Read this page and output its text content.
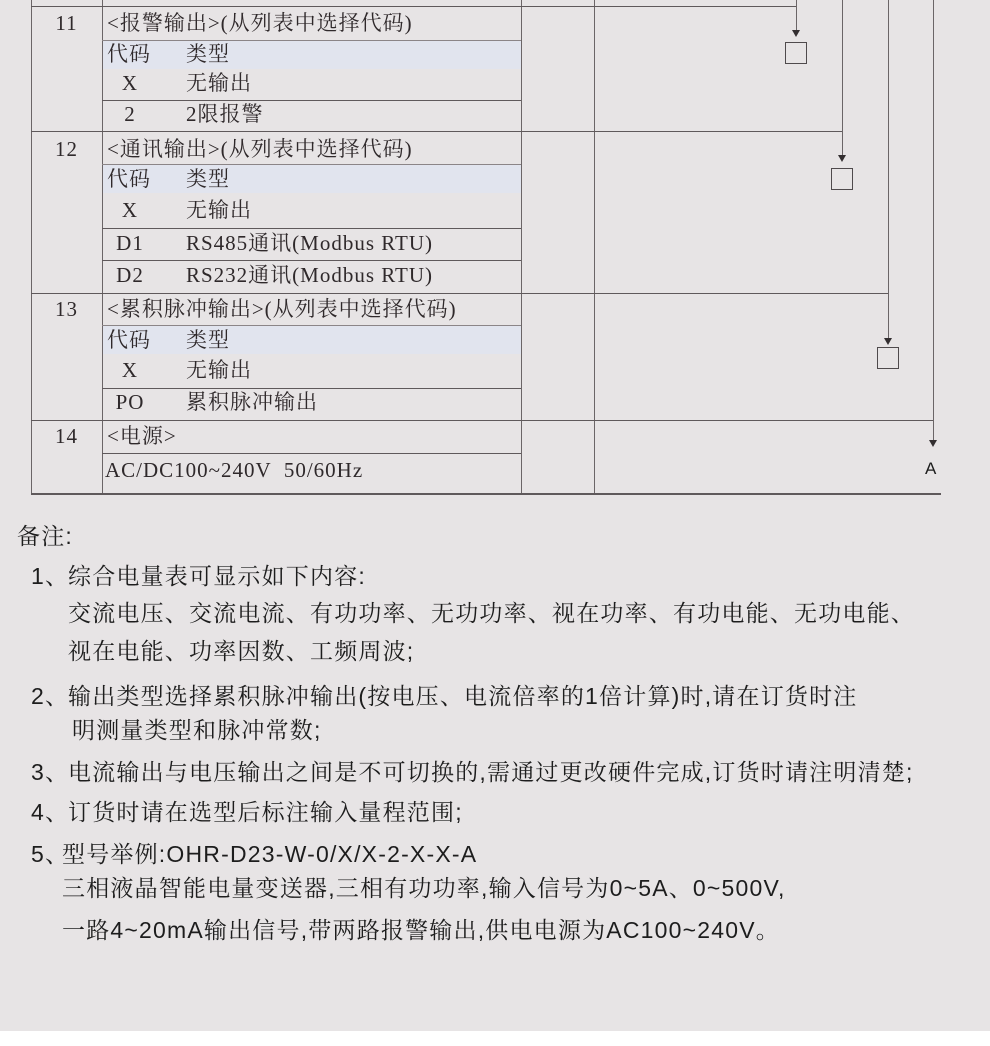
11	<报警输出>(从列表中选择代码)
代码 类型
X	无输出
2	2限报警
12	<通讯输出>(从列表中选择代码)
代码 类型
X	无输出
D1	RS485通讯(Modbus RTU)
D2	RS232通讯(Modbus RTU)
13	<累积脉冲输出>(从列表中选择代码)
代码 类型
X	无输出
PO	累积脉冲输出
14	<电源>
AC/DC100~240V  50/60Hz	A
备注:
1、
综合电量表可显示如下内容:
交流电压、交流电流、有功功率、无功功率、视在功率、有功电能、无功电能、
视在电能、功率因数、工频周波;
2、
输出类型选择累积脉冲输出(按电压、电流倍率的1倍计算)时,请在订货时注
明测量类型和脉冲常数;
3、
电流输出与电压输出之间是不可切换的,需通过更改硬件完成,订货时请注明清楚;
4、
订货时请在选型后标注输入量程范围;
5、
型号举例:OHR-D23-W-0/X/X-2-X-X-A
三相液晶智能电量变送器,三相有功功率,输入信号为0~5A、0~500V,
一路4~20mA输出信号,带两路报警输出,供电电源为AC100~240V。
